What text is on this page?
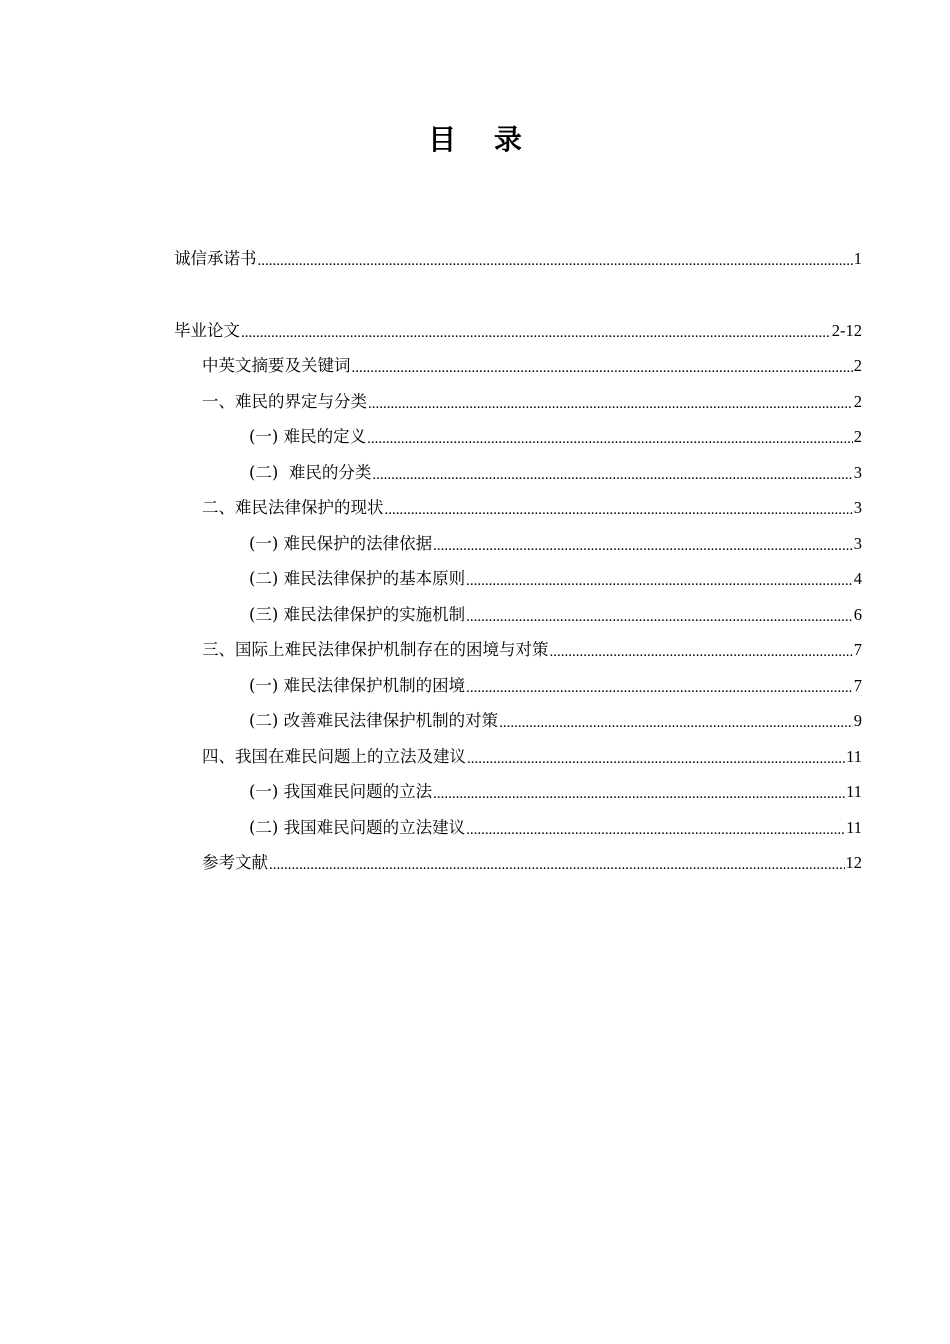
目 录
诚信承诺书 .....	1
毕业论文 .....	2-12
中英文摘要及关键词 .....	2
一、难民的界定与分类 .....	2
(一) 难民的定义 .....	2
(二)  难民的分类 .....	3
二、难民法律保护的现状 .....	3
(一) 难民保护的法律依据 .....	3
(二) 难民法律保护的基本原则 .....	4
(三) 难民法律保护的实施机制 .....	6
三、国际上难民法律保护机制存在的困境与对策 .....	7
(一) 难民法律保护机制的困境 .....	7
(二) 改善难民法律保护机制的对策 .....	9
四、我国在难民问题上的立法及建议 .....	11
(一) 我国难民问题的立法 .....	11
(二) 我国难民问题的立法建议 .....	11
参考文献 .....	12
